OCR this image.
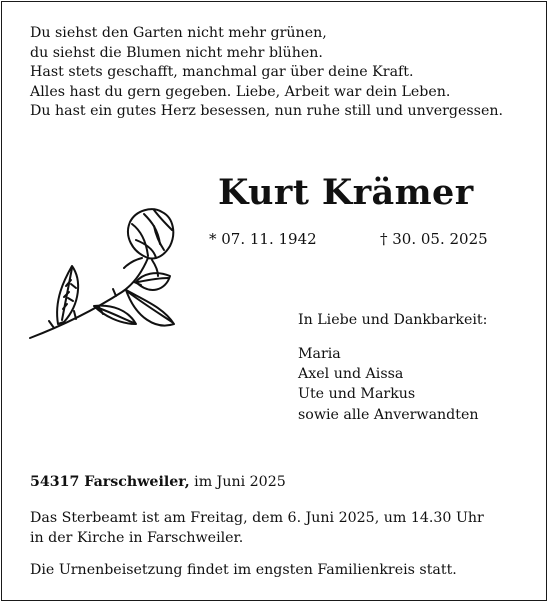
Du siehst den Garten nicht mehr grünen,
du siehst die Blumen nicht mehr blühen.
Hast stets geschafft, manchmal gar über deine Kraft.
Alles hast du gern gegeben. Liebe, Arbeit war dein Leben.
Du hast ein gutes Herz besessen, nun ruhe still und unvergessen.
Kurt Krämer
* 07. 11. 1942	† 30. 05. 2025
In Liebe und Dankbarkeit:
Maria
Axel und Aissa
Ute und Markus
sowie alle Anverwandten
54317 Farschweiler, im Juni 2025
Das Sterbeamt ist am Freitag, dem 6. Juni 2025, um 14.30 Uhr
in der Kirche in Farschweiler.
Die Urnenbeisetzung findet im engsten Familienkreis statt.
